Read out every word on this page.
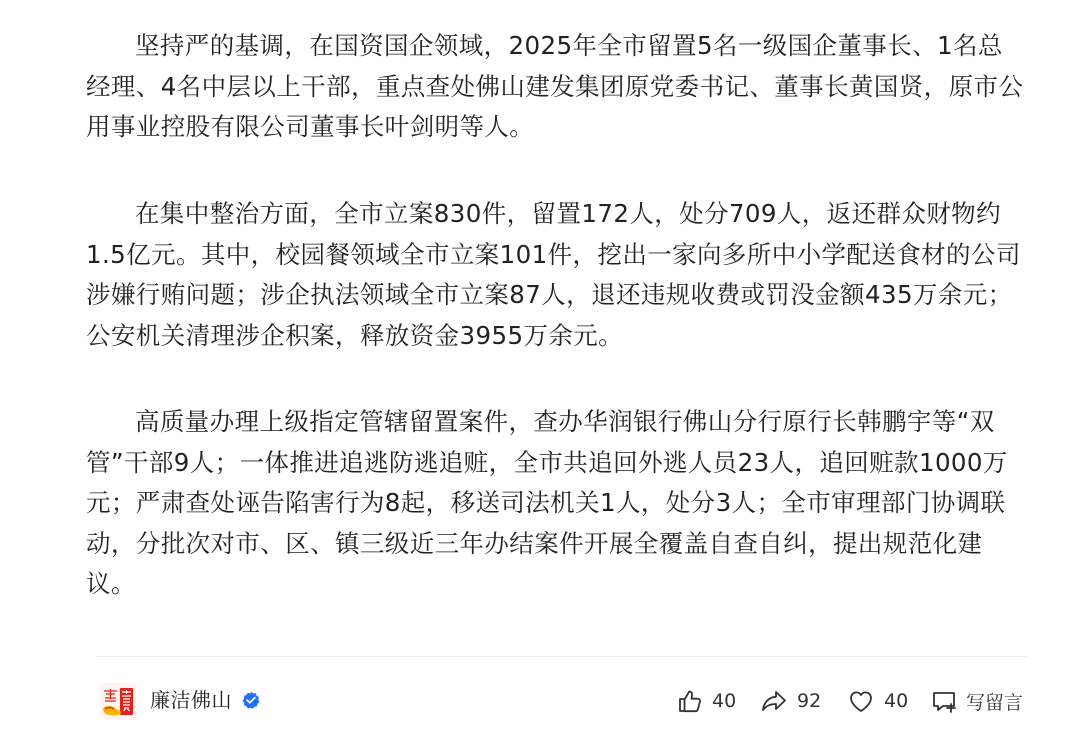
坚持严的基调，在国资国企领域，2025年全市留置5名一级国企董事长、1名总经理、4名中层以上干部，重点查处佛山建发集团原党委书记、董事长黄国贤，原市公用事业控股有限公司董事长叶剑明等人。

在集中整治方面，全市立案830件，留置172人，处分709人，返还群众财物约1.5亿元。其中，校园餐领域全市立案101件，挖出一家向多所中小学配送食材的公司涉嫌行贿问题；涉企执法领域全市立案87人，退还违规收费或罚没金额435万余元；公安机关清理涉企积案，释放资金3955万余元。

高质量办理上级指定管辖留置案件，查办华润银行佛山分行原行长韩鹏宇等“双管”干部9人；一体推进追逃防逃追赃，全市共追回外逃人员23人，追回赃款1000万元；严肃查处诬告陷害行为8起，移送司法机关1人，处分3人；全市审理部门协调联动，分批次对市、区、镇三级近三年办结案件开展全覆盖自查自纠，提出规范化建议。

廉洁佛山	40	92	40	写留言
